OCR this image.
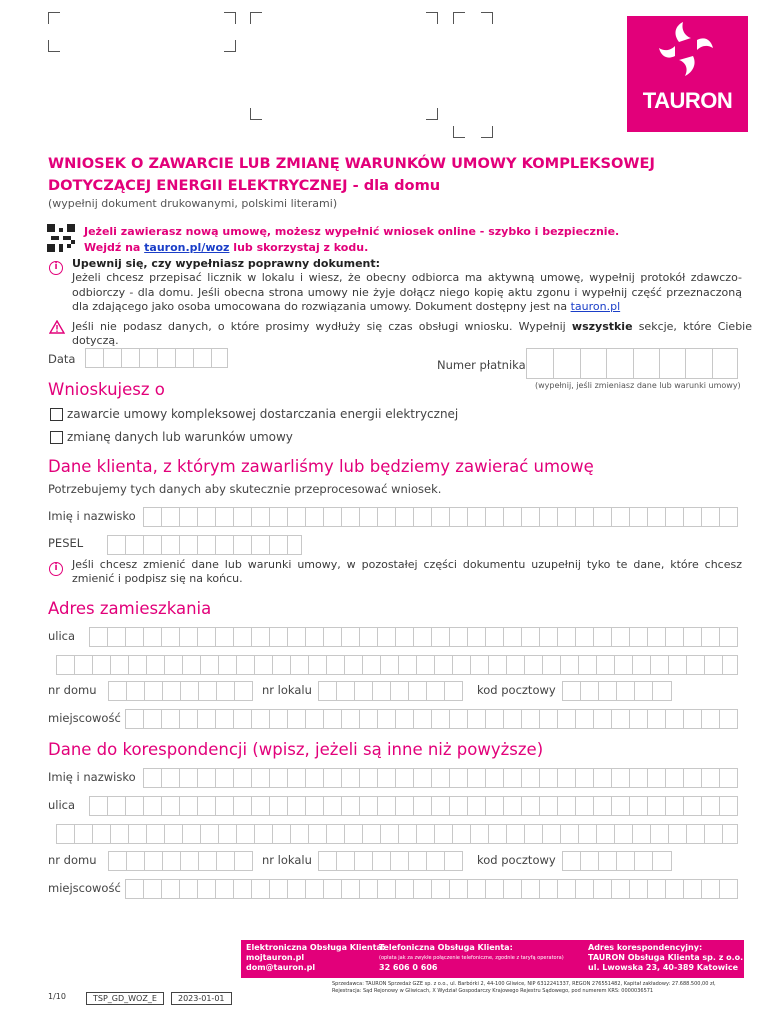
TAURON
WNIOSEK O ZAWARCIE LUB ZMIANĘ WARUNKÓW UMOWY KOMPLEKSOWEJ
DOTYCZĄCEJ ENERGII ELEKTRYCZNEJ - dla domu
(wypełnij dokument drukowanymi, polskimi literami)
Jeżeli zawierasz nową umowę, możesz wypełnić wniosek online - szybko i bezpiecznie.
Wejdź na tauron.pl/woz lub skorzystaj z kodu.
i	Upewnij się, czy wypełniasz poprawny dokument:
Jeżeli chcesz przepisać licznik w lokalu i wiesz, że obecny odbiorca ma aktywną umowę, wypełnij protokół zdawczo-odbiorczy - dla domu. Jeśli obecna strona umowy nie żyje dołącz niego kopię aktu zgonu i wypełnij część przeznaczoną dla zdającego jako osoba umocowana do rozwiązania umowy. Dokument dostępny jest na tauron.pl
Jeśli nie podasz danych, o które prosimy wydłuży się czas obsługi wniosku. Wypełnij wszystkie sekcje, które Ciebie dotyczą.
Data	Numer płatnika
(wypełnij, jeśli zmieniasz dane lub warunki umowy)
Wnioskujesz o
zawarcie umowy kompleksowej dostarczania energii elektrycznej
zmianę danych lub warunków umowy
Dane klienta, z którym zawarliśmy lub będziemy zawierać umowę
Potrzebujemy tych danych aby skutecznie przeprocesować wniosek.
Imię i nazwisko
PESEL
i	Jeśli chcesz zmienić dane lub warunki umowy, w pozostałej części dokumentu uzupełnij tyko te dane, które chcesz zmienić i podpisz się na końcu.
Adres zamieszkania
ulica
nr domu	nr lokalu	kod pocztowy
miejscowość
Dane do korespondencji (wpisz, jeżeli są inne niż powyższe)
Imię i nazwisko
ulica
nr domu	nr lokalu	kod pocztowy
miejscowość
Elektroniczna Obsługa Klienta:
mojtauron.pl
dom@tauron.pl
Telefoniczna Obsługa Klienta:
(opłata jak za zwykłe połączenie telefoniczne, zgodnie z taryfą operatora)
32 606 0 606
Adres korespondencyjny:
TAURON Obsługa Klienta sp. z o.o.
ul. Lwowska 23, 40-389 Katowice
Sprzedawca: TAURON Sprzedaż GZE sp. z o.o., ul. Barbórki 2, 44-100 Gliwice, NIP 6312241337, REGON 276551482, Kapitał zakładowy: 27.688.500,00 zł, Rejestracja: Sąd Rejonowy w Gliwicach, X Wydział Gospodarczy Krajowego Rejestru Sądowego, pod numerem KRS: 0000036571
1/10	TSP_GD_WOZ_E	2023-01-01
